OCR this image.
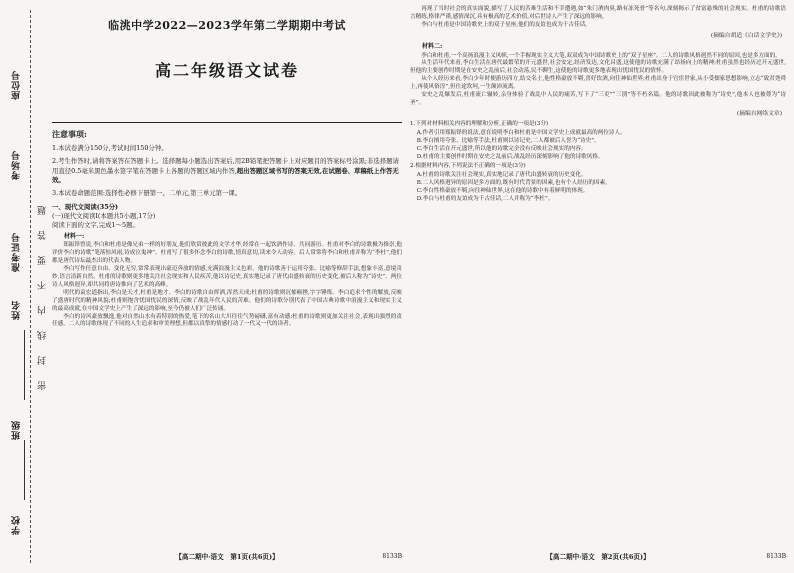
学校
班级
姓名
准考证号
考场号
座位号
密封线内不要答题
临洮中学2022—2023学年第二学期期中考试
高二年级语文试卷
注意事项:

1.本试卷满分150分,考试时间150分钟。

2.考生作答时,请将答案答在答题卡上。选择题每小题选出答案后,用2B铅笔把答题卡上对应题目的答案标号涂黑;非选择题请用直径0.5毫米黑色墨水签字笔在答题卡上各题的答题区域内作答,超出答题区域书写的答案无效,在试题卷、草稿纸上作答无效。

3.本试卷命题范围:选择性必修下册第一、二单元,第三单元第一课。

一、现代文阅读(35分)
(一)现代文阅读Ⅰ(本题共5小题,17分)
阅读下面的文字,完成1～5题。
材料一:

郑振铎曾说,李白和杜甫是像兄弟一样的好朋友,他们欣赏彼此的文学才华,经常在一起饮酒作诗、共同游历。杜甫对李白的诗歌极为推崇,他评价李白的诗歌“笔落惊风雨,诗成泣鬼神”。杜甫写了很多怀念李白的诗歌,情真意切,读来令人动容。后人常常将李白和杜甫并称为“李杜”,他们都是唐代诗坛最杰出的代表人物。

李白写作任意自由、变化无穷,常常表现出豪迈奔放的情感,充满浪漫主义色彩。他的诗歌善于运用夸张、比喻等修辞手法,想象丰富,意境奇妙,语言清新自然。杜甫的诗歌则更多地关注社会现实和人民疾苦,他以诗记史,真实地记录了唐代由盛转衰的历史变化,被后人称为“诗史”。两位诗人风格迥异,却共同将唐诗推向了艺术的高峰。

明代的袁宏道指出,李白是天才,杜甫是地才。李白的诗歌自由挥洒,浑然天成;杜甫的诗歌则沉郁顿挫,字字锤炼。李白追求个性的解放,反映了盛唐时代的精神风貌;杜甫则饱含忧国忧民的深情,反映了战乱年代人民的苦难。他们的诗歌分别代表了中国古典诗歌中浪漫主义和现实主义的最高成就,在中国文学史上产生了深远的影响,至今仍被人们广泛传诵。

李白的诗风豪放飘逸,他对自然山水有着特别的热爱,笔下的名山大川往往气势磅礴,富有动感;杜甫的诗歌则更加关注社会,表现出强烈的责任感。二人的诗歌体现了不同的人生追求和审美理想,但都以真挚的情感打动了一代又一代的读者。

【高二期中·语文　第1页(共6页)】	8133B

再现了当时社会的真实面貌,描写了人民的苦难生活和不幸遭遇,如“朱门酒肉臭,路有冻死骨”等名句,深刻揭示了贫富悬殊的社会现实。杜甫的诗歌语言精练,格律严谨,感情深沉,具有极高的艺术价值,对后世诗人产生了深远的影响。

李白与杜甫是中国诗歌史上的双子星座,他们的友谊也成为千古佳话。

(摘编自胡适《白话文学史》)
材料二:

李白和杜甫,一个高扬浪漫主义风帜,一个手握现实主义大笔,双双成为中国诗歌史上的“双子星座”。二人的诗歌风格迥然不同的原因,也是多方面的。

从生活年代来看,李白生活在唐代最繁荣的开元盛世,社会安定,经济发达,文化昌盛,这使他的诗歌充满了昂扬向上的精神;杜甫虽然也经历过开元盛世,但他的主要创作时期是在安史之乱前后,社会动荡,民不聊生,这使他的诗歌更多地表现出忧国忧民的情怀。

从个人经历来看,李白少年时便游历四方,结交名士,他性格豪放不羁,喜好饮酒,向往神仙世界;杜甫出身于官宦世家,从小受儒家思想影响,立志“致君尧舜上,再使风俗淳”,但仕途坎坷,一生颠沛流离。

安史之乱爆发后,杜甫流亡辗转,亲身体验了战乱中人民的痛苦,写下了“三吏”“三别”等不朽名篇。他的诗歌因此被称为“诗史”,他本人也被尊为“诗圣”。

(摘编自网络文章)

1.下列对材料相关内容的理解和分析,正确的一项是(3分)

A.作者引用郑振铎的说法,意在说明李白和杜甫是中国文学史上成就最高的两位诗人。

B.李白擅用夸张、比喻等手法,杜甫则以诗记史,二人都被后人誉为“诗史”。

C.李白生活在开元盛世,所以他的诗歌完全没有反映社会现实的内容。

D.杜甫的主要创作时期在安史之乱前后,战乱经历深刻影响了他的诗歌风格。

2.根据材料内容,下列说法不正确的一项是(3分)

A.杜甫的诗歌关注社会现实,真实地记录了唐代由盛转衰的历史变化。

B.二人风格迥异的原因是多方面的,既有时代背景的因素,也有个人经历的因素。

C.李白性格豪放不羁,向往神仙世界,这在他的诗歌中有着鲜明的体现。

D.李白与杜甫的友谊成为千古佳话,二人并称为“李杜”。

【高二期中·语文　第2页(共6页)】	8133B
